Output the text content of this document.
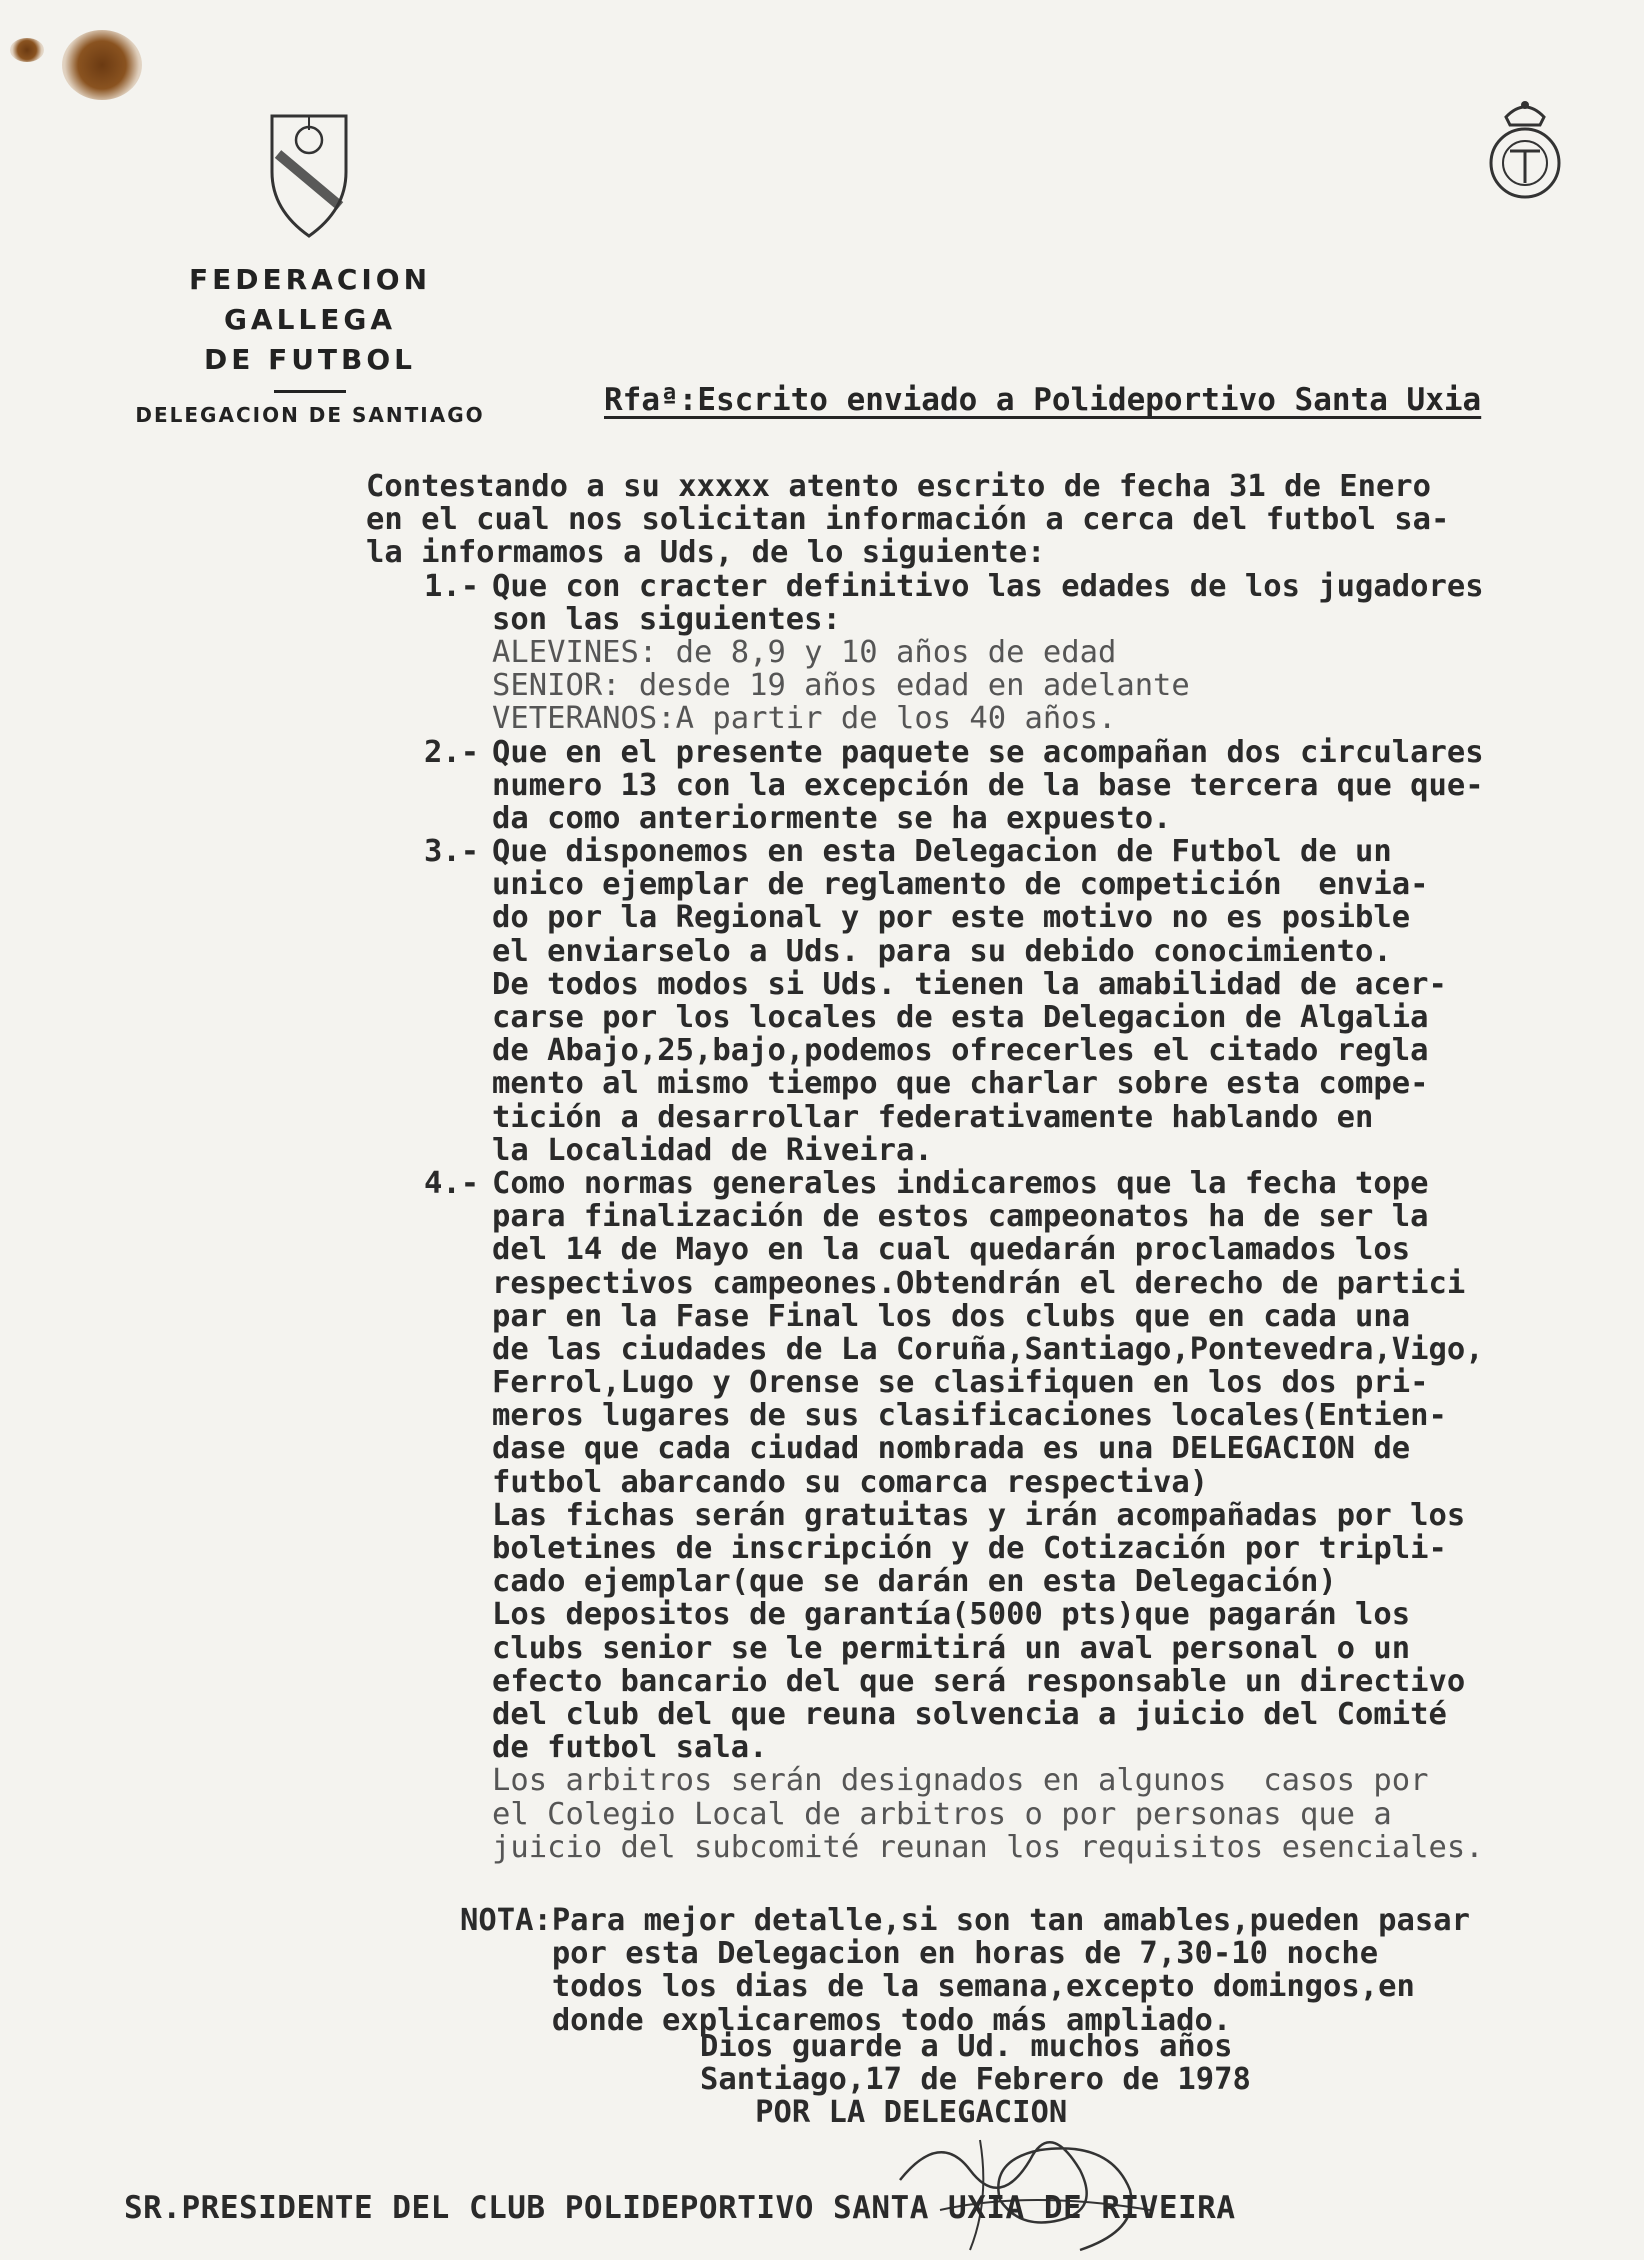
FEDERACION GALLEGA
DE FUTBOL
DELEGACION DE SANTIAGO	Rfaª:Escrito enviado a Polideportivo Santa Uxia
Contestando a su xxxxx atento escrito de fecha 31 de Enero
en el cual nos solicitan información a cerca del futbol sa-
la informamos a Uds, de lo siguiente:
1.- Que con cracter definitivo las edades de los jugadores
son las siguientes:
ALEVINES: de 8,9 y 10 años de edad
SENIOR: desde 19 años edad en adelante
VETERANOS:A partir de los 40 años.
2.- Que en el presente paquete se acompañan dos circulares
numero 13 con la excepción de la base tercera que que-
da como anteriormente se ha expuesto.
3.- Que disponemos en esta Delegacion de Futbol de un
unico ejemplar de reglamento de competición  envia-
do por la Regional y por este motivo no es posible
el enviarselo a Uds. para su debido conocimiento.
De todos modos si Uds. tienen la amabilidad de acer-
carse por los locales de esta Delegacion de Algalia
de Abajo,25,bajo,podemos ofrecerles el citado regla
mento al mismo tiempo que charlar sobre esta compe-
tición a desarrollar federativamente hablando en
la Localidad de Riveira.
4.- Como normas generales indicaremos que la fecha tope
para finalización de estos campeonatos ha de ser la
del 14 de Mayo en la cual quedarán proclamados los
respectivos campeones.Obtendrán el derecho de partici
par en la Fase Final los dos clubs que en cada una
de las ciudades de La Coruña,Santiago,Pontevedra,Vigo,
Ferrol,Lugo y Orense se clasifiquen en los dos pri-
meros lugares de sus clasificaciones locales(Entien-
dase que cada ciudad nombrada es una DELEGACION de
futbol abarcando su comarca respectiva)
Las fichas serán gratuitas y irán acompañadas por los
boletines de inscripción y de Cotización por tripli-
cado ejemplar(que se darán en esta Delegación)
Los depositos de garantía(5000 pts)que pagarán los
clubs senior se le permitirá un aval personal o un
efecto bancario del que será responsable un directivo
del club del que reuna solvencia a juicio del Comité
de futbol sala.
Los arbitros serán designados en algunos  casos por
el Colegio Local de arbitros o por personas que a
juicio del subcomité reunan los requisitos esenciales.
NOTA:Para mejor detalle,si son tan amables,pueden pasar
por esta Delegacion en horas de 7,30-10 noche
todos los dias de la semana,excepto domingos,en
donde explicaremos todo más ampliado.
Dios guarde a Ud. muchos años
Santiago,17 de Febrero de 1978
POR LA DELEGACION
SR.PRESIDENTE DEL CLUB POLIDEPORTIVO SANTA UXIA DE RIVEIRA
